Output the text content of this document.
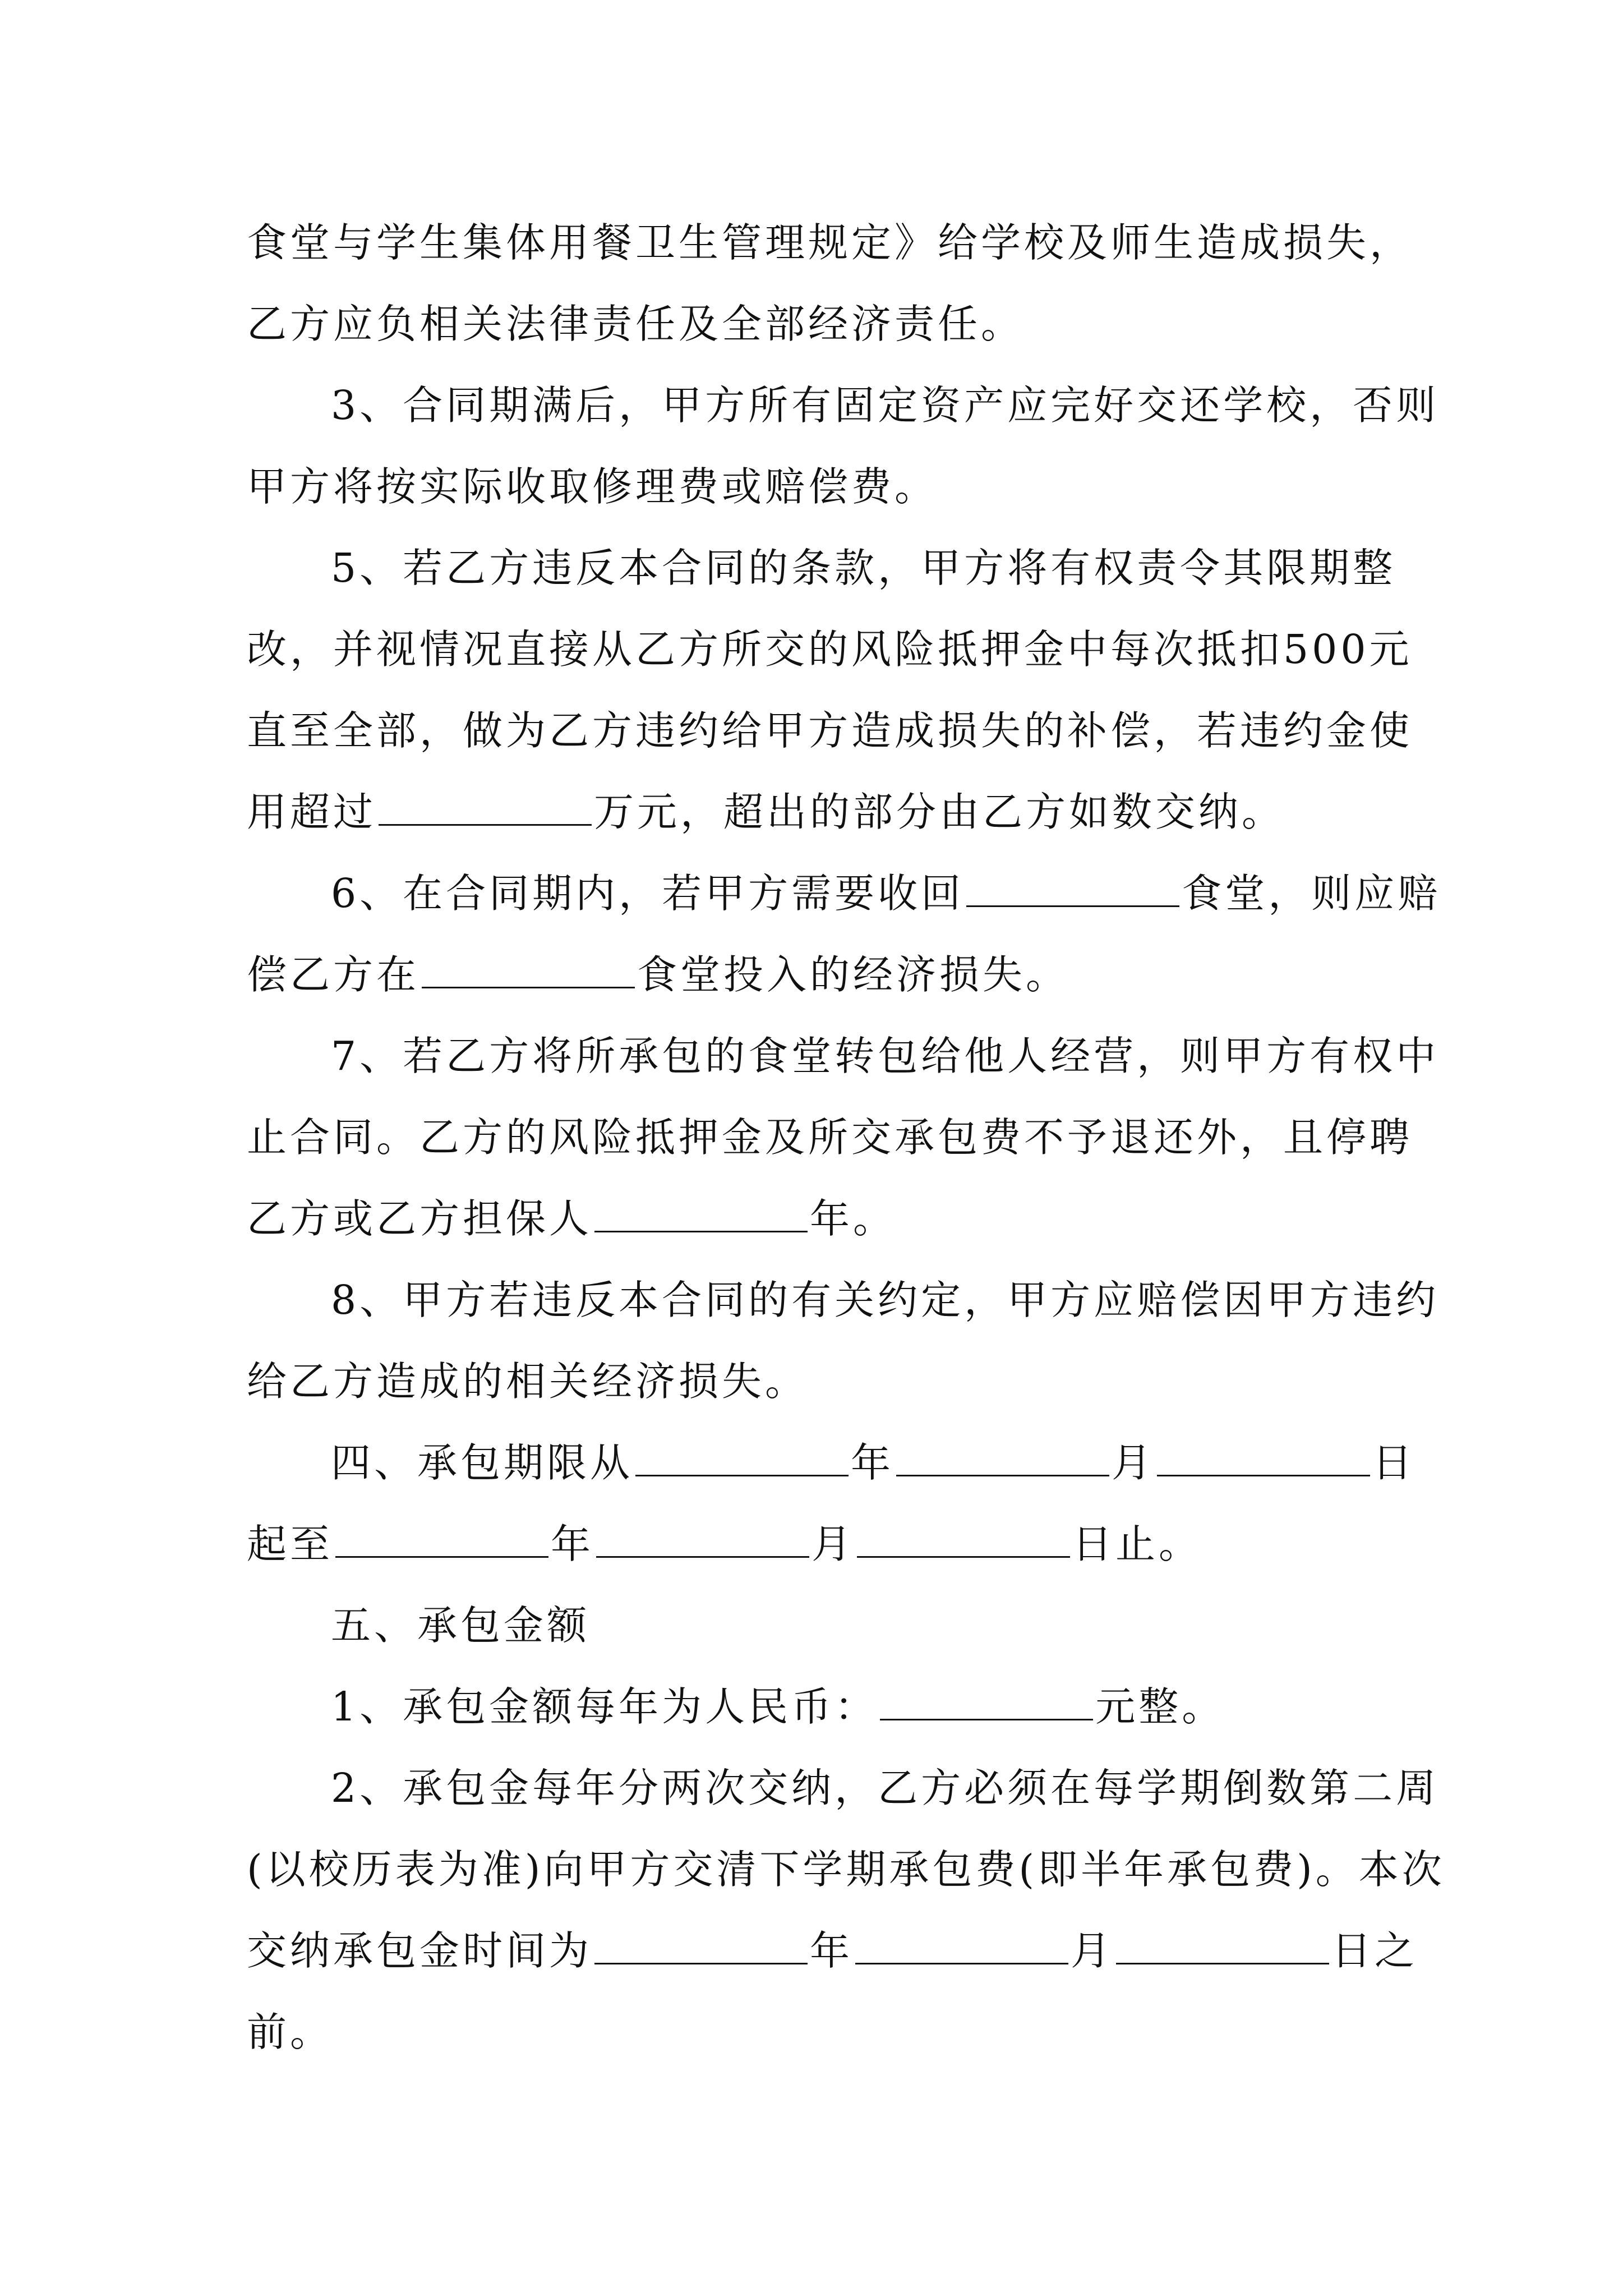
食堂与学生集体用餐卫生管理规定》给学校及师生造成损失，乙方应负相关法律责任及全部经济责任。

3、合同期满后，甲方所有固定资产应完好交还学校，否则甲方将按实际收取修理费或赔偿费。

5、若乙方违反本合同的条款，甲方将有权责令其限期整改，并视情况直接从乙方所交的风险抵押金中每次抵扣500元直至全部，做为乙方违约给甲方造成损失的补偿，若违约金使用超过	万元，超出的部分由乙方如数交纳。

6、在合同期内，若甲方需要收回	食堂，则应赔偿乙方在	食堂投入的经济损失。

7、若乙方将所承包的食堂转包给他人经营，则甲方有权中止合同。乙方的风险抵押金及所交承包费不予退还外，且停聘乙方或乙方担保人	年。

8、甲方若违反本合同的有关约定，甲方应赔偿因甲方违约给乙方造成的相关经济损失。

四、承包期限从	年	月	日起至	年	月	日止。

五、承包金额

1、承包金额每年为人民币：	元整。

2、承包金每年分两次交纳，乙方必须在每学期倒数第二周(以校历表为准)向甲方交清下学期承包费(即半年承包费)。本次交纳承包金时间为	年	月	日之前。
